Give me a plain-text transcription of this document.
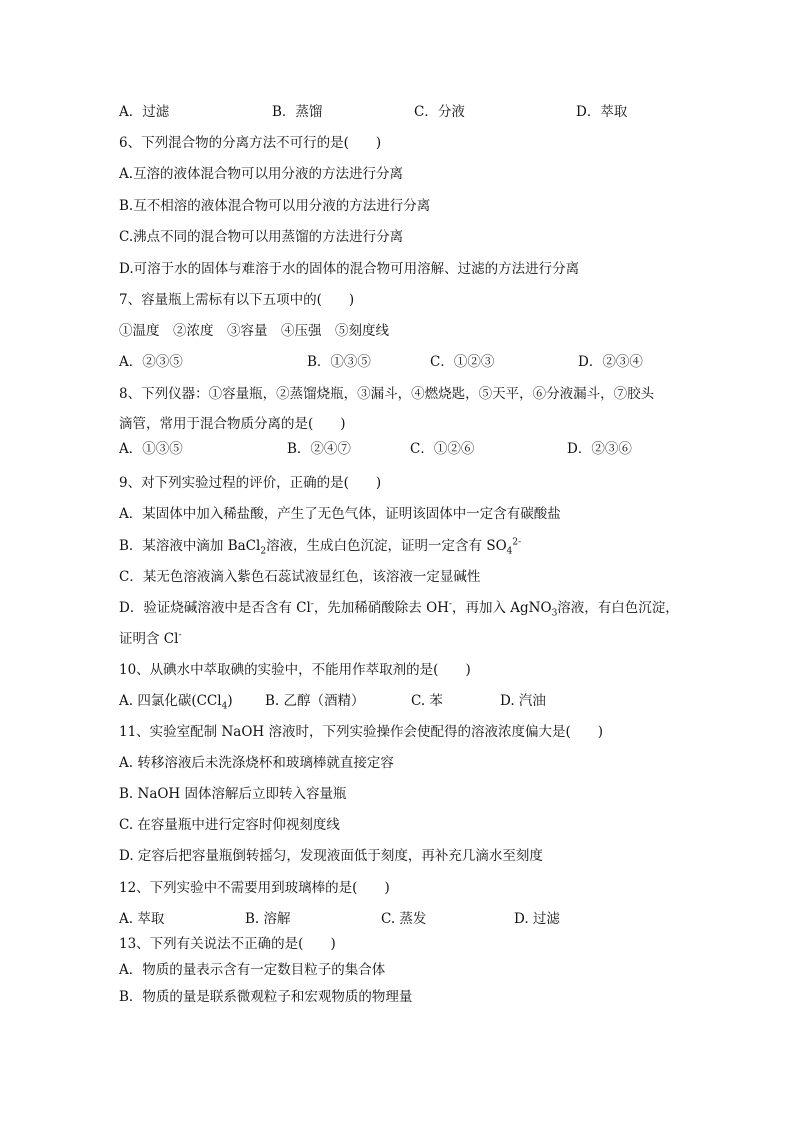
A．过滤	B．蒸馏	C．分液	D．萃取
6、下列混合物的分离方法不可行的是(　　)
A.互溶的液体混合物可以用分液的方法进行分离
B.互不相溶的液体混合物可以用分液的方法进行分离
C.沸点不同的混合物可以用蒸馏的方法进行分离
D.可溶于水的固体与难溶于水的固体的混合物可用溶解、过滤的方法进行分离
7、容量瓶上需标有以下五项中的(　　)
①温度　②浓度　③容量　④压强　⑤刻度线
A．②③⑤	B．①③⑤	C．①②③	D．②③④
8、下列仪器：①容量瓶，②蒸馏烧瓶，③漏斗，④燃烧匙，⑤天平，⑥分液漏斗，⑦胶头
滴管，常用于混合物质分离的是(　　)
A．①③⑤	B．②④⑦	C．①②⑥	D．②③⑥
9、对下列实验过程的评价，正确的是(　　)
A．某固体中加入稀盐酸，产生了无色气体，证明该固体中一定含有碳酸盐
B．某溶液中滴加 BaCl$_2$溶液，生成白色沉淀，证明一定含有 $SO_4^{2-}$
C．某无色溶液滴入紫色石蕊试液显红色，该溶液一定显碱性
D．验证烧碱溶液中是否含有 Cl-，先加稀硝酸除去 OH-，再加入 AgNO$_3$溶液，有白色沉淀，
证明含 Cl-
10、从碘水中萃取碘的实验中，不能用作萃取剂的是(　　)
A. 四氯化碳(CCl$_4$) B. 乙醇（酒精）	C. 苯	D. 汽油
11、实验室配制 NaOH 溶液时，下列实验操作会使配得的溶液浓度偏大是(　　)
A. 转移溶液后未洗涤烧杯和玻璃棒就直接定容
B. NaOH 固体溶解后立即转入容量瓶
C. 在容量瓶中进行定容时仰视刻度线
D. 定容后把容量瓶倒转摇匀，发现液面低于刻度，再补充几滴水至刻度
12、下列实验中不需要用到玻璃棒的是(　　)
A. 萃取	B. 溶解	C. 蒸发	D. 过滤
13、下列有关说法不正确的是(　　)
A．物质的量表示含有一定数目粒子的集合体
B．物质的量是联系微观粒子和宏观物质的物理量
